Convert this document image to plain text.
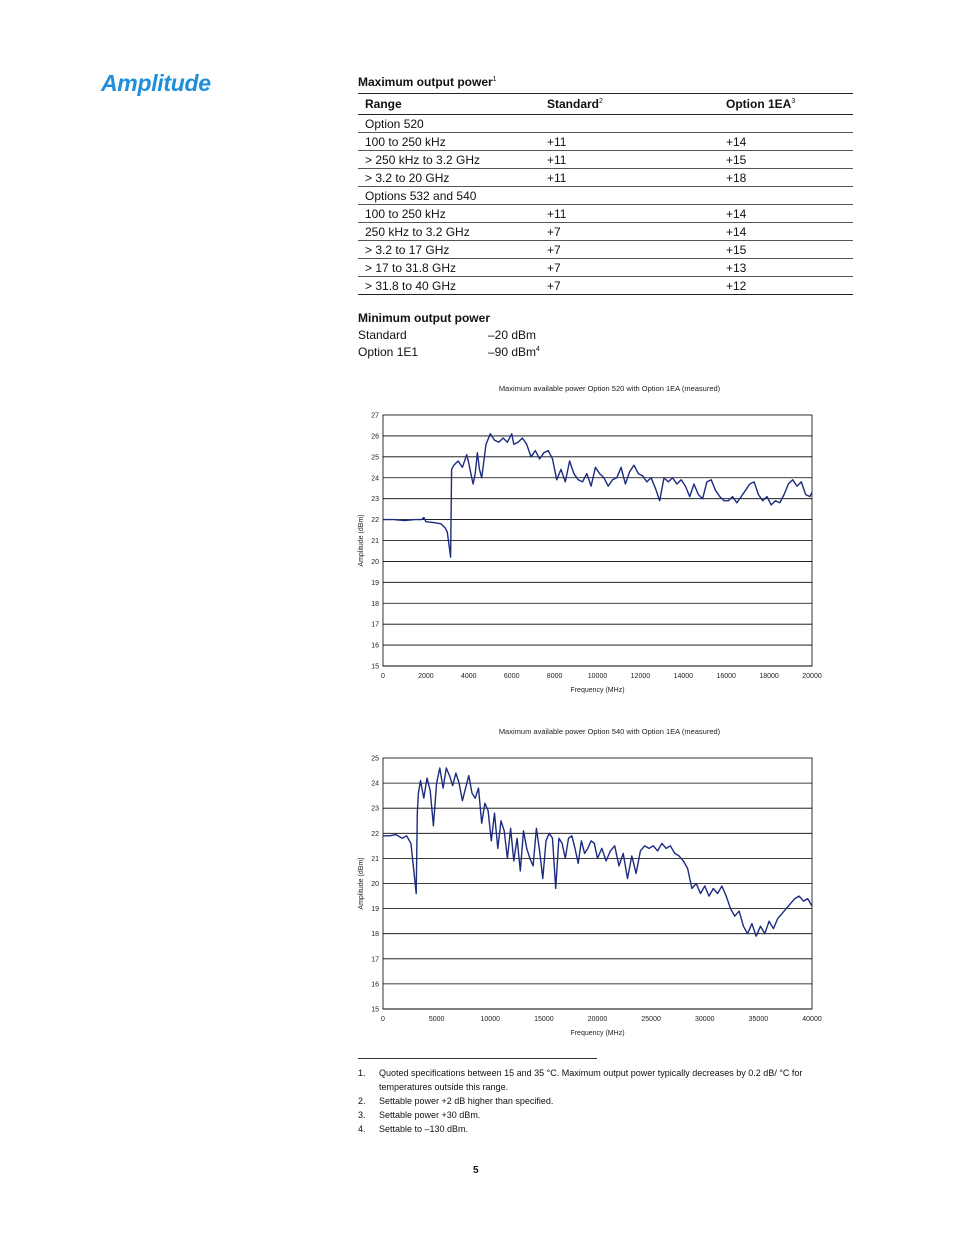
Amplitude	Maximum output power$^1$
Range	Standard$^2$	Option $1EA^3$
Option 520		
100 to 250 kHz	+11	+14
> 250 kHz to 3.2 GHz	+11	+15
> 3.2 to 20 GHz	+11	+18
Options 532 and 540		
100 to 250 kHz	+11	+14
250 kHz to 3.2 GHz	+7	+14
> 3.2 to 17 GHz	+7	+15
> 17 to 31.8 GHz	+7	+13
> 31.8 to 40 GHz	+7	+12
Minimum output power
Standard	–20 dBm
Option 1E1	–90 dBm$^4$
Maximum available power Option 520 with Option 1EA (measured)
15
16
17
18
19
20
21
22
23
24
25
26
27
0	2000	4000	6000	8000	10000	12000	14000	16000	18000	20000
Frequency (MHz)
Amplitude (dBm)
Maximum available power Option 540 with Option 1EA (measured)
15
16
17
18
19
20
21
22
23
24
25
0	5000	10000	15000	20000	25000	30000	35000	40000
Frequency (MHz)
Amplitude (dBm)
1. Quoted specifications between 15 and 35 °C. Maximum output power typically decreases by 0.2 dB/ °C for temperatures outside this range.
2. Settable power +2 dB higher than specified.
3. Settable power +30 dBm.
4. Settable to –130 dBm.
5
